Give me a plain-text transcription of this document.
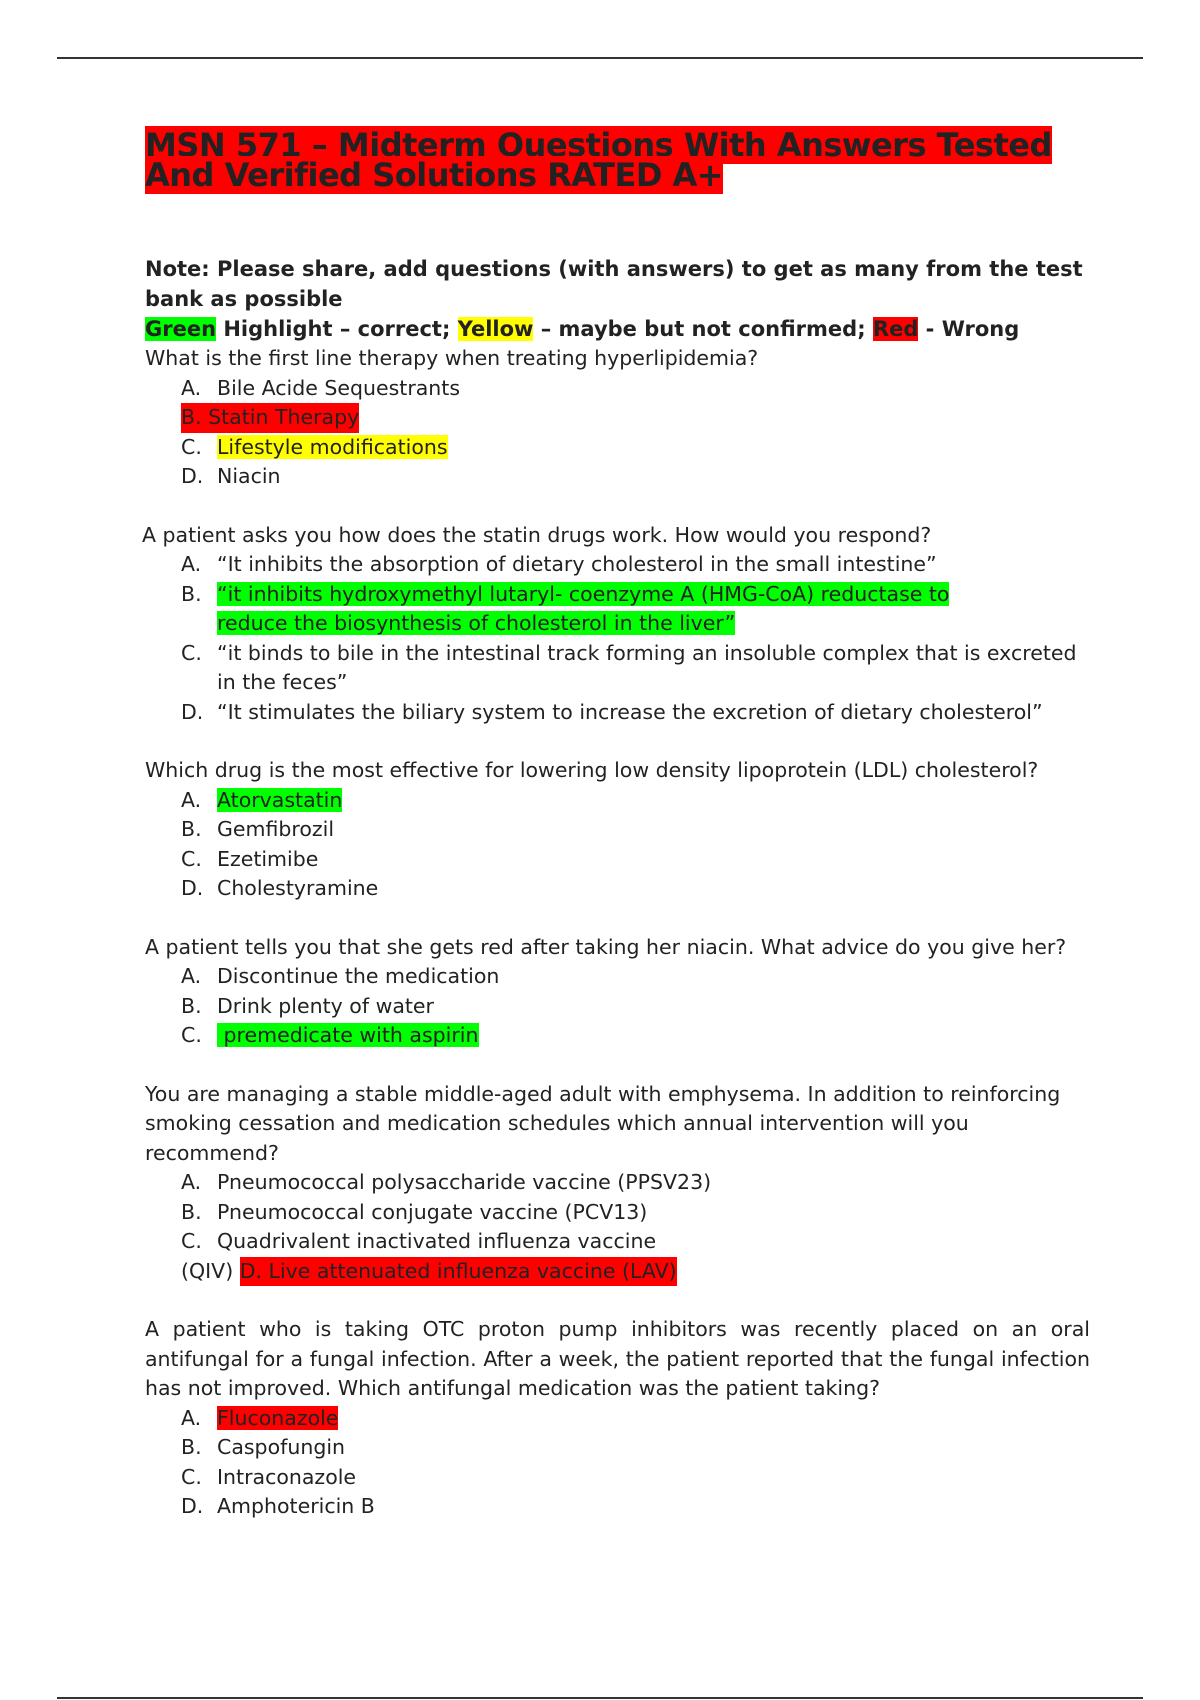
MSN 571 – Midterm Questions With Answers Tested And Verified Solutions RATED A+
Note: Please share, add questions (with answers) to get as many from the test bank as possible
Green Highlight – correct; Yellow – maybe but not confirmed; Red - Wrong

What is the first line therapy when treating hyperlipidemia?

A. Bile Acide Sequestrants
B. Statin Therapy
C. Lifestyle modifications
D. Niacin

A patient asks you how does the statin drugs work. How would you respond?

A. “It inhibits the absorption of dietary cholesterol in the small intestine”
B. “it inhibits hydroxymethyl lutaryl- coenzyme A (HMG-CoA) reductase to reduce the biosynthesis of cholesterol in the liver”
C. “it binds to bile in the intestinal track forming an insoluble complex that is excreted in the feces”
D. “It stimulates the biliary system to increase the excretion of dietary cholesterol”

Which drug is the most effective for lowering low density lipoprotein (LDL) cholesterol?

A. Atorvastatin
B. Gemfibrozil
C. Ezetimibe
D. Cholestyramine

A patient tells you that she gets red after taking her niacin. What advice do you give her?

A. Discontinue the medication
B. Drink plenty of water
C. premedicate with aspirin

You are managing a stable middle-aged adult with emphysema. In addition to reinforcing smoking cessation and medication schedules which annual intervention will you recommend?

A. Pneumococcal polysaccharide vaccine (PPSV23)
B. Pneumococcal conjugate vaccine (PCV13)
C. Quadrivalent inactivated influenza vaccine
(QIV) D. Live attenuated influenza vaccine (LAV)

A patient who is taking OTC proton pump inhibitors was recently placed on an oral antifungal for a fungal infection. After a week, the patient reported that the fungal infection has not improved. Which antifungal medication was the patient taking?

A. Fluconazole
B. Caspofungin
C. Intraconazole
D. Amphotericin B
